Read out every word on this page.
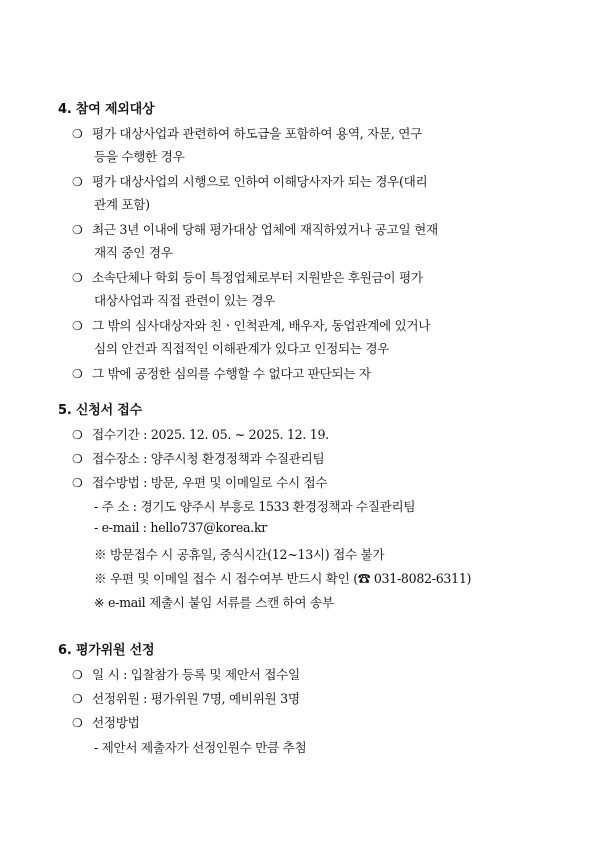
4. 참여 제외대상
❍ 평가 대상사업과 관련하여 하도급을 포함하여 용역, 자문, 연구
등을 수행한 경우
❍ 평가 대상사업의 시행으로 인하여 이해당사자가 되는 경우(대리
관계 포함)
❍ 최근 3년 이내에 당해 평가대상 업체에 재직하였거나 공고일 현재
재직 중인 경우
❍ 소속단체나 학회 등이 특정업체로부터 지원받은 후원금이 평가
대상사업과 직접 관련이 있는 경우
❍ 그 밖의 심사대상자와 친ㆍ인척관계, 배우자, 동업관계에 있거나
심의 안건과 직접적인 이해관계가 있다고 인정되는 경우
❍ 그 밖에 공정한 심의를 수행할 수 없다고 판단되는 자
5. 신청서 접수
❍ 접수기간 : 2025. 12. 05. ~ 2025. 12. 19.
❍ 접수장소 : 양주시청 환경정책과 수질관리팀
❍ 접수방법 : 방문, 우편 및 이메일로 수시 접수
- 주 소 : 경기도 양주시 부흥로 1533 환경정책과 수질관리팀
- e-mail : hello737@korea.kr
※ 방문접수 시 공휴일, 중식시간(12~13시) 접수 불가
※ 우편 및 이메일 접수 시 접수여부 반드시 확인 (☎ 031-8082-6311)
※ e-mail 제출시 붙임 서류를 스캔 하여 송부
6. 평가위원 선정
❍ 일 시 : 입찰참가 등록 및 제안서 접수일
❍ 선정위원 : 평가위원 7명, 예비위원 3명
❍ 선정방법
- 제안서 제출자가 선정인원수 만큼 추첨
